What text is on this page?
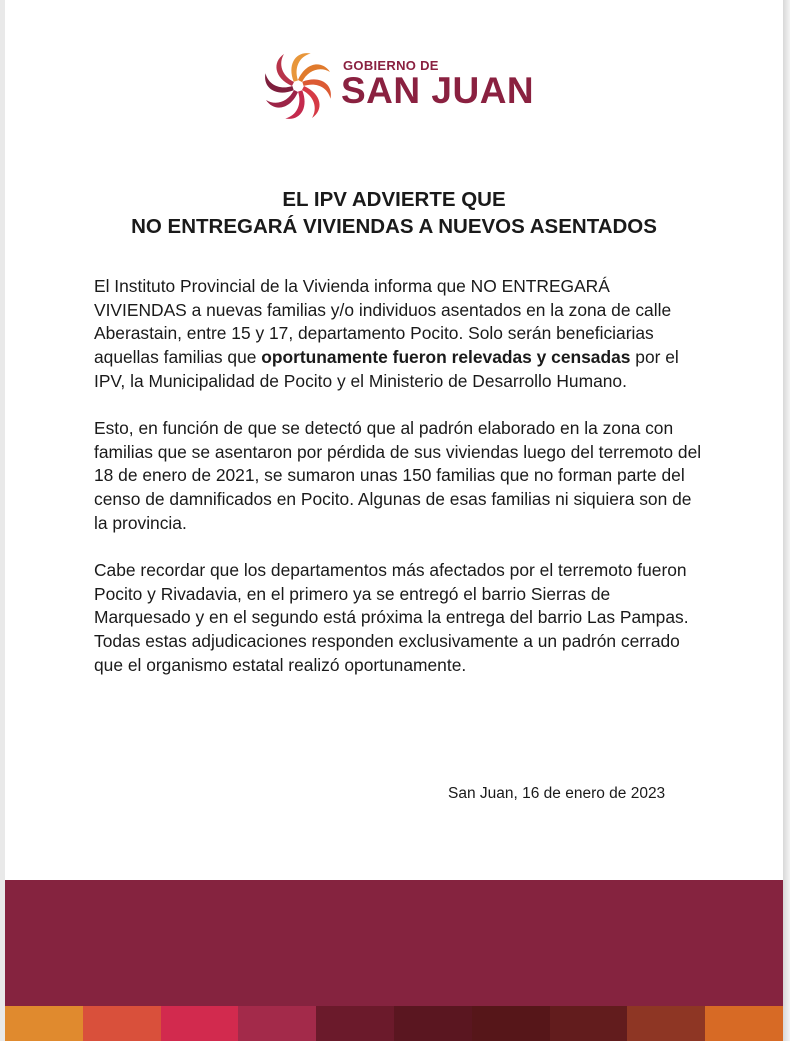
GOBIERNO DE
SAN JUAN
EL IPV ADVIERTE QUE
NO ENTREGARÁ VIVIENDAS A NUEVOS ASENTADOS

El Instituto Provincial de la Vivienda informa que NO ENTREGARÁ VIVIENDAS a nuevas familias y/o individuos asentados en la zona de calle Aberastain, entre 15 y 17, departamento Pocito. Solo serán beneficiarias aquellas familias que oportunamente fueron relevadas y censadas por el IPV, la Municipalidad de Pocito y el Ministerio de Desarrollo Humano.

Esto, en función de que se detectó que al padrón elaborado en la zona con familias que se asentaron por pérdida de sus viviendas luego del terremoto del 18 de enero de 2021, se sumaron unas 150 familias que no forman parte del censo de damnificados en Pocito. Algunas de esas familias ni siquiera son de la provincia.

Cabe recordar que los departamentos más afectados por el terremoto fueron Pocito y Rivadavia, en el primero ya se entregó el barrio Sierras de Marquesado y en el segundo está próxima la entrega del barrio Las Pampas. Todas estas adjudicaciones responden exclusivamente a un padrón cerrado que el organismo estatal realizó oportunamente.

San Juan, 16 de enero de 2023
